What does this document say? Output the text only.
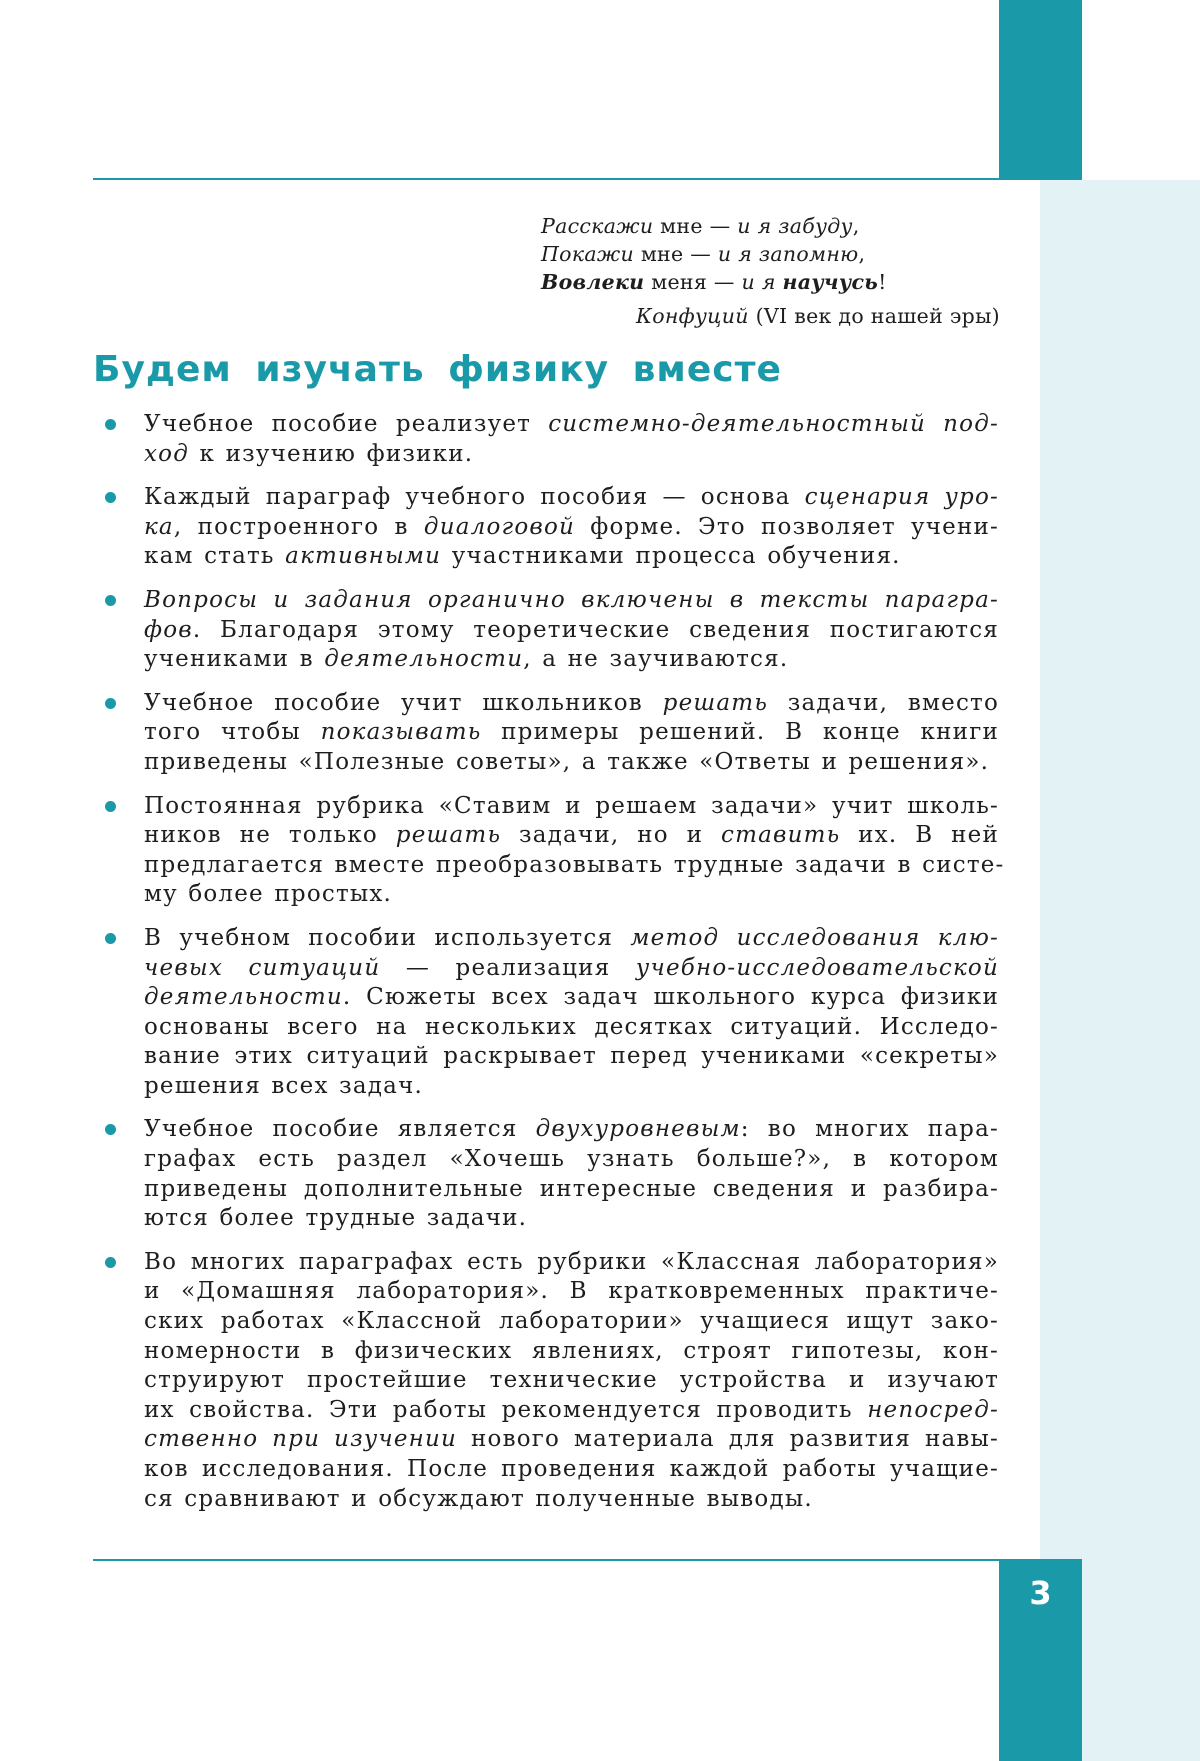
Расскажи мне — и я забуду,
Покажи мне — и я запомню,
Вовлеки меня — и я научусь!
Конфуций (VI век до нашей эры)
Будем изучать физику вместе
Учебное пособие реализует системно-деятельностный под-
ход к изучению физики.
Каждый параграф учебного пособия — основа сценария уро-
ка, построенного в диалоговой форме. Это позволяет учени-
кам стать активными участниками процесса обучения.
Вопросы и задания органично включены в тексты парагра-
фов. Благодаря этому теоретические сведения постигаются
учениками в деятельности, а не заучиваются.
Учебное пособие учит школьников решать задачи, вместо
того чтобы показывать примеры решений. В конце книги
приведены «Полезные советы», а также «Ответы и решения».
Постоянная рубрика «Ставим и решаем задачи» учит школь-
ников не только решать задачи, но и ставить их. В ней
предлагается вместе преобразовывать трудные задачи в систе-
му более простых.
В учебном пособии используется метод исследования клю-
чевых ситуаций — реализация учебно-исследовательской
деятельности. Сюжеты всех задач школьного курса физики
основаны всего на нескольких десятках ситуаций. Исследо-
вание этих ситуаций раскрывает перед учениками «секреты»
решения всех задач.
Учебное пособие является двухуровневым: во многих пара-
графах есть раздел «Хочешь узнать больше?», в котором
приведены дополнительные интересные сведения и разбира-
ются более трудные задачи.
Во многих параграфах есть рубрики «Классная лаборатория»
и «Домашняя лаборатория». В кратковременных практиче-
ских работах «Классной лаборатории» учащиеся ищут зако-
номерности в физических явлениях, строят гипотезы, кон-
струируют простейшие технические устройства и изучают
их свойства. Эти работы рекомендуется проводить непосред-
ственно при изучении нового материала для развития навы-
ков исследования. После проведения каждой работы учащие-
ся сравнивают и обсуждают полученные выводы.
3
